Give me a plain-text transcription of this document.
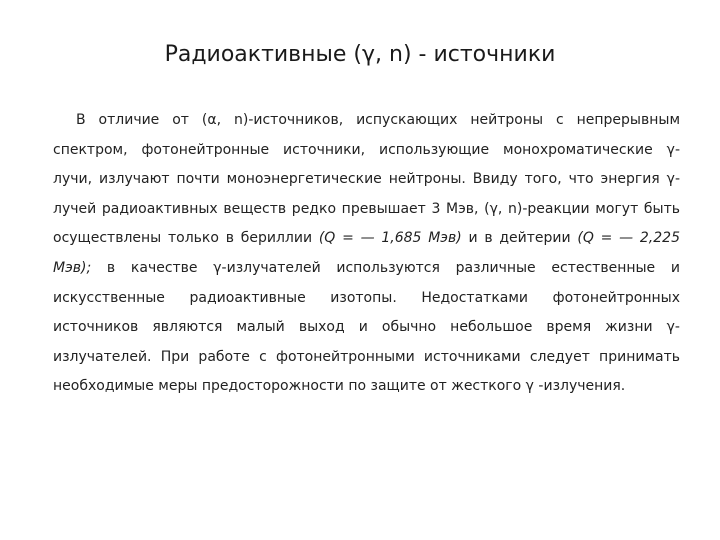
Радиоактивные (γ, n) - источники
В отличие от (α, n)-источников, испускающих нейтроны с непрерывным
спектром, фотонейтронные источники, использующие монохроматические γ-
лучи, излучают почти моноэнергетические нейтроны. Ввиду того, что энергия γ-
лучей радиоактивных веществ редко превышает 3 Мэв, (γ, n)-реакции могут быть
осуществлены только в бериллии (Q = — 1,685 Мэв) и в дейтерии (Q = — 2,225
Мэв); в качестве γ-излучателей используются различные естественные и
искусственные радиоактивные изотопы. Недостатками фотонейтронных
источников являются малый выход и обычно небольшое время жизни γ-
излучателей. При работе с фотонейтронными источниками следует принимать
необходимые меры предосторожности по защите от жесткого γ -излучения.
